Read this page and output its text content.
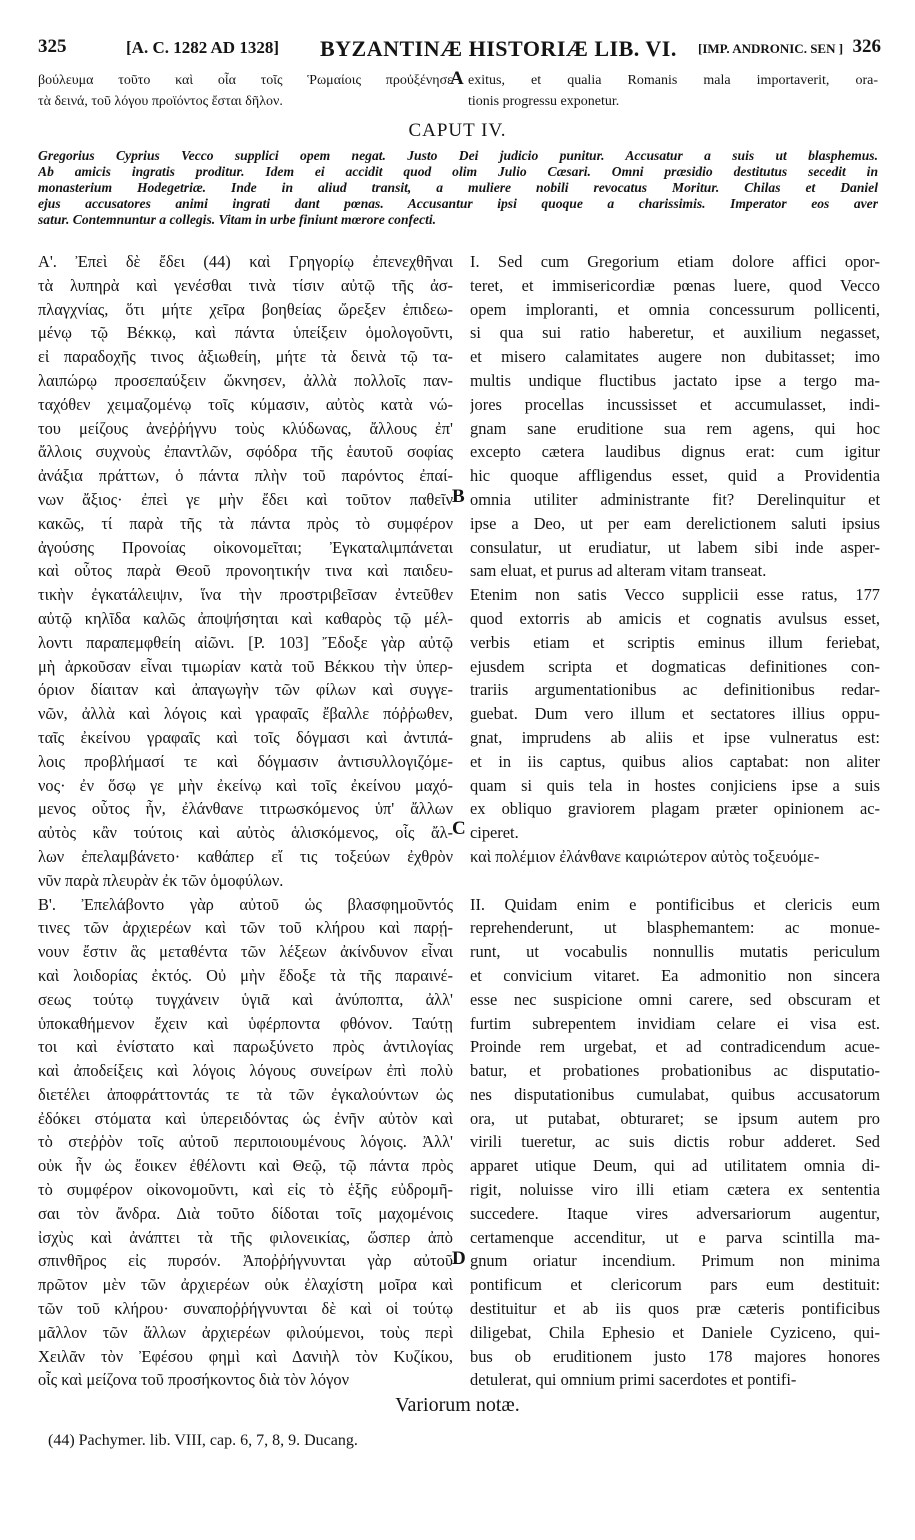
325	[A. C. 1282 AD 1328] BYZANTINÆ HISTORIÆ LIB. VI. [IMP. ANDRONIC. SEN ] 326
βούλευμα τοῦτο καὶ οἷα τοῖς Ῥωμαίοις προὐξένησε
τὰ δεινά, τοῦ λόγου προϊόντος ἔσται δῆλον.
A exitus, et qualia Romanis mala importaverit, ora-
tionis progressu exponetur.
CAPUT IV.
Gregorius Cyprius Vecco supplici opem negat. Justo Dei judicio punitur. Accusatur a suis ut blasphemus.
Ab amicis ingratis proditur. Idem ei accidit quod olim Julio Cæsari. Omni præsidio destitutus secedit in
monasterium Hodegetriæ. Inde in aliud transit, a muliere nobili revocatus Moritur. Chilas et Daniel
ejus accusatores animi ingrati dant pœnas. Accusantur ipsi quoque a charissimis. Imperator eos aver
satur. Contemnuntur a collegis. Vitam in urbe finiunt mœrore confecti.
Α'. Ἐπεὶ δὲ ἔδει (44) καὶ Γρηγορίῳ ἐπενεχθῆναι
τὰ λυπηρὰ καὶ γενέσθαι τινὰ τίσιν αὐτῷ τῆς ἀσ-
πλαγχνίας, ὅτι μήτε χεῖρα βοηθείας ὤρεξεν ἐπιδεω-
μένῳ τῷ Βέκκῳ, καὶ πάντα ὑπείξειν ὁμολογοῦντι,
εἰ παραδοχῆς τινος ἀξιωθείη, μήτε τὰ δεινὰ τῷ τα-
λαιπώρῳ προσεπαύξειν ὤκνησεν, ἀλλὰ πολλοῖς παν-
ταχόθεν χειμαζομένῳ τοῖς κύμασιν, αὐτὸς κατὰ νώ-
του μείζους ἀνεῤῥήγνυ τοὺς κλύδωνας, ἄλλους ἐπ'
ἄλλοις συχνοὺς ἐπαντλῶν, σφόδρα τῆς ἑαυτοῦ σοφίας
ἀνάξια πράττων, ὁ πάντα πλὴν τοῦ παρόντος ἐπαί-
νων ἄξιος· ἐπεὶ γε μὴν ἔδει καὶ τοῦτον παθεῖν
κακῶς, τί παρὰ τῆς τὰ πάντα πρὸς τὸ συμφέρον
ἀγούσης Προνοίας οἰκονομεῖται; Ἐγκαταλιμπάνεται
καὶ οὗτος παρὰ Θεοῦ προνοητικήν τινα καὶ παιδευ-
τικὴν ἐγκατάλειψιν, ἵνα τὴν προστριβεῖσαν ἐντεῦθεν
αὐτῷ κηλῖδα καλῶς ἀποψήσηται καὶ καθαρὸς τῷ μέλ-
λοντι παραπεμφθείη αἰῶνι. [P. 103] Ἔδοξε γὰρ αὐτῷ
μὴ ἀρκοῦσαν εἶναι τιμωρίαν κατὰ τοῦ Βέκκου τὴν ὑπερ-
όριον δίαιταν καὶ ἀπαγωγὴν τῶν φίλων καὶ συγγε-
νῶν, ἀλλὰ καὶ λόγοις καὶ γραφαῖς ἔβαλλε πόῤῥωθεν,
ταῖς ἐκείνου γραφαῖς καὶ τοῖς δόγμασι καὶ ἀντιπά-
λοις προβλήμασί τε καὶ δόγμασιν ἀντισυλλογιζόμε-
νος· ἐν ὅσῳ γε μὴν ἐκείνῳ καὶ τοῖς ἐκείνου μαχό-
μενος οὗτος ἦν, ἐλάνθανε τιτρωσκόμενος ὑπ' ἄλλων
αὐτὸς κἂν τούτοις καὶ αὐτὸς ἁλισκόμενος, οἷς ἄλ-
λων ἐπελαμβάνετο· καθάπερ εἴ τις τοξεύων ἐχθρὸν
νῦν παρὰ πλευρὰν ἐκ τῶν ὁμοφύλων.
Β'. Ἐπελάβοντο γὰρ αὐτοῦ ὡς βλασφημοῦντός
τινες τῶν ἀρχιερέων καὶ τῶν τοῦ κλήρου καὶ παρῄ-
νουν ἔστιν ἃς μεταθέντα τῶν λέξεων ἀκίνδυνον εἶναι
καὶ λοιδορίας ἐκτός. Οὐ μὴν ἔδοξε τὰ τῆς παραινέ-
σεως τούτῳ τυγχάνειν ὑγιᾶ καὶ ἀνύποπτα, ἀλλ'
ὑποκαθήμενον ἔχειν καὶ ὑφέρποντα φθόνον. Ταύτῃ
τοι καὶ ἐνίστατο καὶ παρωξύνετο πρὸς ἀντιλογίας
καὶ ἀποδείξεις καὶ λόγοις λόγους συνείρων ἐπὶ πολὺ
διετέλει ἀποφράττοντάς τε τὰ τῶν ἐγκαλούντων ὡς
ἐδόκει στόματα καὶ ὑπερειδόντας ὡς ἐνῆν αὐτὸν καὶ
τὸ στεῤῥὸν τοῖς αὐτοῦ περιποιουμένους λόγοις. Ἀλλ'
οὐκ ἦν ὡς ἔοικεν ἐθέλοντι καὶ Θεῷ, τῷ πάντα πρὸς
τὸ συμφέρον οἰκονομοῦντι, καὶ εἰς τὸ ἑξῆς εὐδρομῆ-
σαι τὸν ἄνδρα. Διὰ τοῦτο δίδοται τοῖς μαχομένοις
ἰσχὺς καὶ ἀνάπτει τὰ τῆς φιλονεικίας, ὥσπερ ἀπὸ
σπινθῆρος εἰς πυρσόν. Ἀποῤῥήγνυνται γὰρ αὐτοῦ
πρῶτον μὲν τῶν ἀρχιερέων οὐκ ἐλαχίστη μοῖρα καὶ
τῶν τοῦ κλήρου· συναποῤῥήγνυνται δὲ καὶ οἱ τούτῳ
μᾶλλον τῶν ἄλλων ἀρχιερέων φιλούμενοι, τοὺς περὶ
Χειλᾶν τὸν Ἐφέσου φημὶ καὶ Δανιὴλ τὸν Κυζίκου,
οἷς καὶ μείζονα τοῦ προσήκοντος διὰ τὸν λόγον
I. Sed cum Gregorium etiam dolore affici opor-
teret, et immisericordiæ pœnas luere, quod Vecco
opem imploranti, et omnia concessurum pollicenti,
si qua sui ratio haberetur, et auxilium negasset,
et misero calamitates augere non dubitasset; imo
multis undique fluctibus jactato ipse a tergo ma-
jores procellas incussisset et accumulasset, indi-
gnam sane eruditione sua rem agens, qui hoc
excepto cætera laudibus dignus erat: cum igitur
hic quoque affligendus esset, quid a Providentia
omnia utiliter administrante fit? Derelinquitur et
ipse a Deo, ut per eam derelictionem saluti ipsius
consulatur, ut erudiatur, ut labem sibi inde asper-
sam eluat, et purus ad alteram vitam transeat.
Etenim non satis Vecco supplicii esse ratus, 177
quod extorris ab amicis et cognatis avulsus esset,
verbis etiam et scriptis eminus illum feriebat,
ejusdem scripta et dogmaticas definitiones con-
trariis argumentationibus ac definitionibus redar-
guebat. Dum vero illum et sectatores illius oppu-
gnat, imprudens ab aliis et ipse vulneratus est:
et in iis captus, quibus alios captabat: non aliter
quam si quis tela in hostes conjiciens ipse a suis
ex obliquo graviorem plagam præter opinionem ac-
ciperet.
καὶ πολέμιον ἐλάνθανε καιριώτερον αὐτὸς τοξευόμε-

II. Quidam enim e pontificibus et clericis eum
reprehenderunt, ut blasphemantem: ac monue-
runt, ut vocabulis nonnullis mutatis periculum
et convicium vitaret. Ea admonitio non sincera
esse nec suspicione omni carere, sed obscuram et
furtim subrepentem invidiam celare ei visa est.
Proinde rem urgebat, et ad contradicendum acue-
batur, et probationes probationibus ac disputatio-
nes disputationibus cumulabat, quibus accusatorum
ora, ut putabat, obturaret; se ipsum autem pro
virili tueretur, ac suis dictis robur adderet. Sed
apparet utique Deum, qui ad utilitatem omnia di-
rigit, noluisse viro illi etiam cætera ex sententia
succedere. Itaque vires adversariorum augentur,
certamenque accenditur, ut e parva scintilla ma-
gnum oriatur incendium. Primum non minima
pontificum et clericorum pars eum destituit:
destituitur et ab iis quos præ cæteris pontificibus
diligebat, Chila Ephesio et Daniele Cyziceno, qui-
bus ob eruditionem justo 178 majores honores
detulerat, qui omnium primi sacerdotes et pontifi-
B
C
D
Variorum notæ.
(44) Pachymer. lib. VIII, cap. 6, 7, 8, 9. Ducang.
